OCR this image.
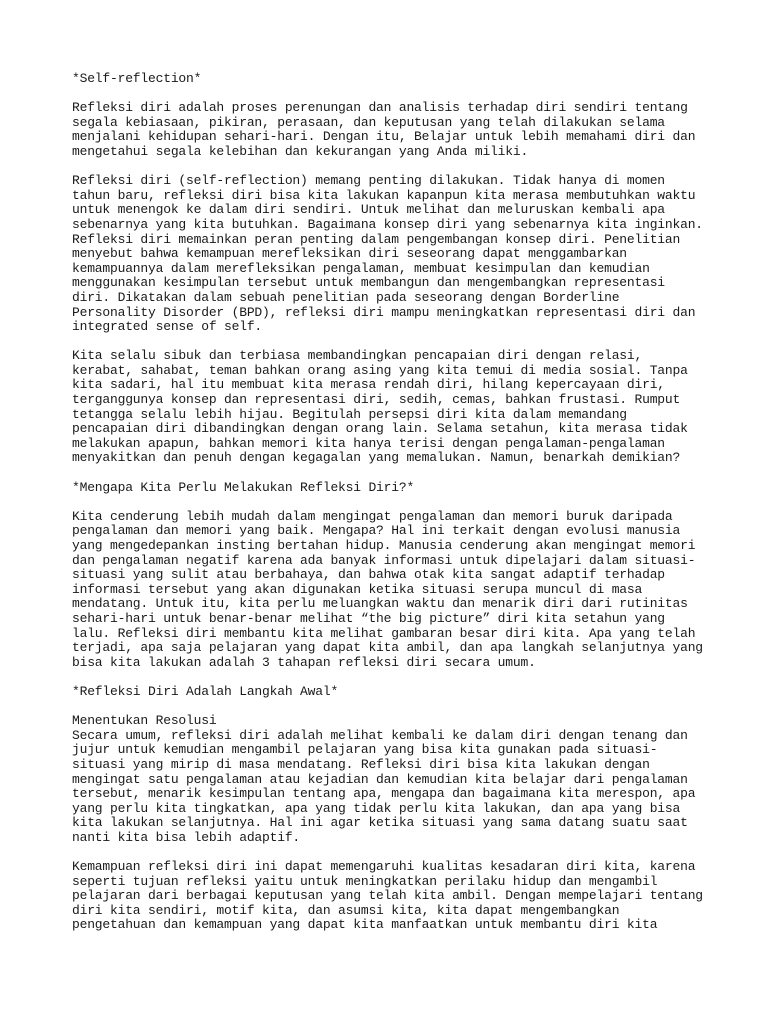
*Self-reflection*
Refleksi diri adalah proses perenungan dan analisis terhadap diri sendiri tentang
segala kebiasaan, pikiran, perasaan, dan keputusan yang telah dilakukan selama
menjalani kehidupan sehari-hari. Dengan itu, Belajar untuk lebih memahami diri dan
mengetahui segala kelebihan dan kekurangan yang Anda miliki.
Refleksi diri (self-reflection) memang penting dilakukan. Tidak hanya di momen
tahun baru, refleksi diri bisa kita lakukan kapanpun kita merasa membutuhkan waktu
untuk menengok ke dalam diri sendiri. Untuk melihat dan meluruskan kembali apa
sebenarnya yang kita butuhkan. Bagaimana konsep diri yang sebenarnya kita inginkan.
Refleksi diri memainkan peran penting dalam pengembangan konsep diri. Penelitian
menyebut bahwa kemampuan merefleksikan diri seseorang dapat menggambarkan
kemampuannya dalam merefleksikan pengalaman, membuat kesimpulan dan kemudian
menggunakan kesimpulan tersebut untuk membangun dan mengembangkan representasi
diri. Dikatakan dalam sebuah penelitian pada seseorang dengan Borderline
Personality Disorder (BPD), refleksi diri mampu meningkatkan representasi diri dan
integrated sense of self.
Kita selalu sibuk dan terbiasa membandingkan pencapaian diri dengan relasi,
kerabat, sahabat, teman bahkan orang asing yang kita temui di media sosial. Tanpa
kita sadari, hal itu membuat kita merasa rendah diri, hilang kepercayaan diri,
terganggunya konsep dan representasi diri, sedih, cemas, bahkan frustasi. Rumput
tetangga selalu lebih hijau. Begitulah persepsi diri kita dalam memandang
pencapaian diri dibandingkan dengan orang lain. Selama setahun, kita merasa tidak
melakukan apapun, bahkan memori kita hanya terisi dengan pengalaman-pengalaman
menyakitkan dan penuh dengan kegagalan yang memalukan. Namun, benarkah demikian?
*Mengapa Kita Perlu Melakukan Refleksi Diri?*
Kita cenderung lebih mudah dalam mengingat pengalaman dan memori buruk daripada
pengalaman dan memori yang baik. Mengapa? Hal ini terkait dengan evolusi manusia
yang mengedepankan insting bertahan hidup. Manusia cenderung akan mengingat memori
dan pengalaman negatif karena ada banyak informasi untuk dipelajari dalam situasi-
situasi yang sulit atau berbahaya, dan bahwa otak kita sangat adaptif terhadap
informasi tersebut yang akan digunakan ketika situasi serupa muncul di masa
mendatang. Untuk itu, kita perlu meluangkan waktu dan menarik diri dari rutinitas
sehari-hari untuk benar-benar melihat “the big picture” diri kita setahun yang
lalu. Refleksi diri membantu kita melihat gambaran besar diri kita. Apa yang telah
terjadi, apa saja pelajaran yang dapat kita ambil, dan apa langkah selanjutnya yang
bisa kita lakukan adalah 3 tahapan refleksi diri secara umum.
*Refleksi Diri Adalah Langkah Awal*
Menentukan Resolusi
Secara umum, refleksi diri adalah melihat kembali ke dalam diri dengan tenang dan
jujur untuk kemudian mengambil pelajaran yang bisa kita gunakan pada situasi-
situasi yang mirip di masa mendatang. Refleksi diri bisa kita lakukan dengan
mengingat satu pengalaman atau kejadian dan kemudian kita belajar dari pengalaman
tersebut, menarik kesimpulan tentang apa, mengapa dan bagaimana kita merespon, apa
yang perlu kita tingkatkan, apa yang tidak perlu kita lakukan, dan apa yang bisa
kita lakukan selanjutnya. Hal ini agar ketika situasi yang sama datang suatu saat
nanti kita bisa lebih adaptif.
Kemampuan refleksi diri ini dapat memengaruhi kualitas kesadaran diri kita, karena
seperti tujuan refleksi yaitu untuk meningkatkan perilaku hidup dan mengambil
pelajaran dari berbagai keputusan yang telah kita ambil. Dengan mempelajari tentang
diri kita sendiri, motif kita, dan asumsi kita, kita dapat mengembangkan
pengetahuan dan kemampuan yang dapat kita manfaatkan untuk membantu diri kita
